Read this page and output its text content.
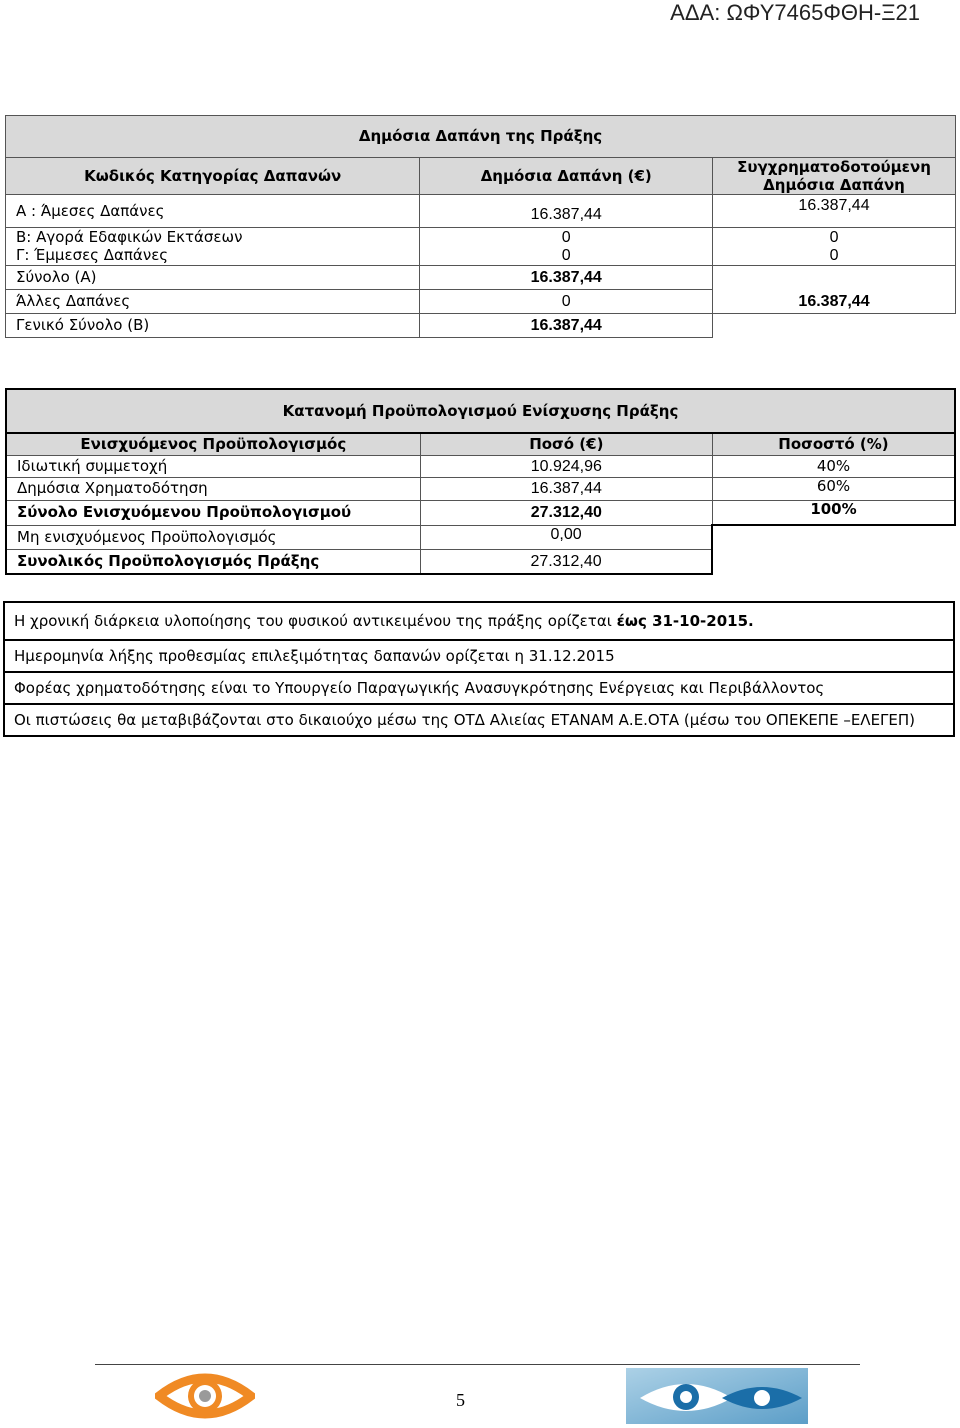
ΑΔΑ: ΩΦΥ7465ΦΘΗ-Ξ21
Δημόσια Δαπάνη της Πράξης		
Κωδικός Κατηγορίας Δαπανών	Δημόσια Δαπάνη (€)	Συγχρηματοδοτούμενη Δημόσια Δαπάνη
Α : Άμεσες Δαπάνες	16.387,44	16.387,44
Β: Αγορά Εδαφικών Εκτάσεων	0	0
Γ: Έμμεσες Δαπάνες	0	0
Σύνολο (Α)	16.387,44	
Άλλες Δαπάνες	0	16.387,44
Γενικό Σύνολο (Β)	16.387,44	
Κατανομή Προϋπολογισμού Ενίσχυσης Πράξης		
Ενισχυόμενος Προϋπολογισμός	Ποσό (€)	Ποσοστό (%)
Ιδιωτική συμμετοχή	10.924,96	40%
Δημόσια Χρηματοδότηση	16.387,44	60%
Σύνολο Ενισχυόμενου Προϋπολογισμού	27.312,40	100%
Μη ενισχυόμενος Προϋπολογισμός	0,00	
Συνολικός Προϋπολογισμός Πράξης	27.312,40	
Η χρονική διάρκεια υλοποίησης του φυσικού αντικειμένου της πράξης ορίζεται έως 31-10-2015.
Ημερομηνία λήξης προθεσμίας επιλεξιμότητας δαπανών ορίζεται η 31.12.2015
Φορέας χρηματοδότησης είναι το Υπουργείο Παραγωγικής Ανασυγκρότησης Ενέργειας και Περιβάλλοντος
Οι πιστώσεις θα μεταβιβάζονται στο δικαιούχο μέσω της ΟΤΔ Αλιείας ΕΤΑΝΑΜ Α.Ε.ΟΤΑ (μέσω του ΟΠΕΚΕΠΕ –ΕΛΕΓΕΠ)
5
